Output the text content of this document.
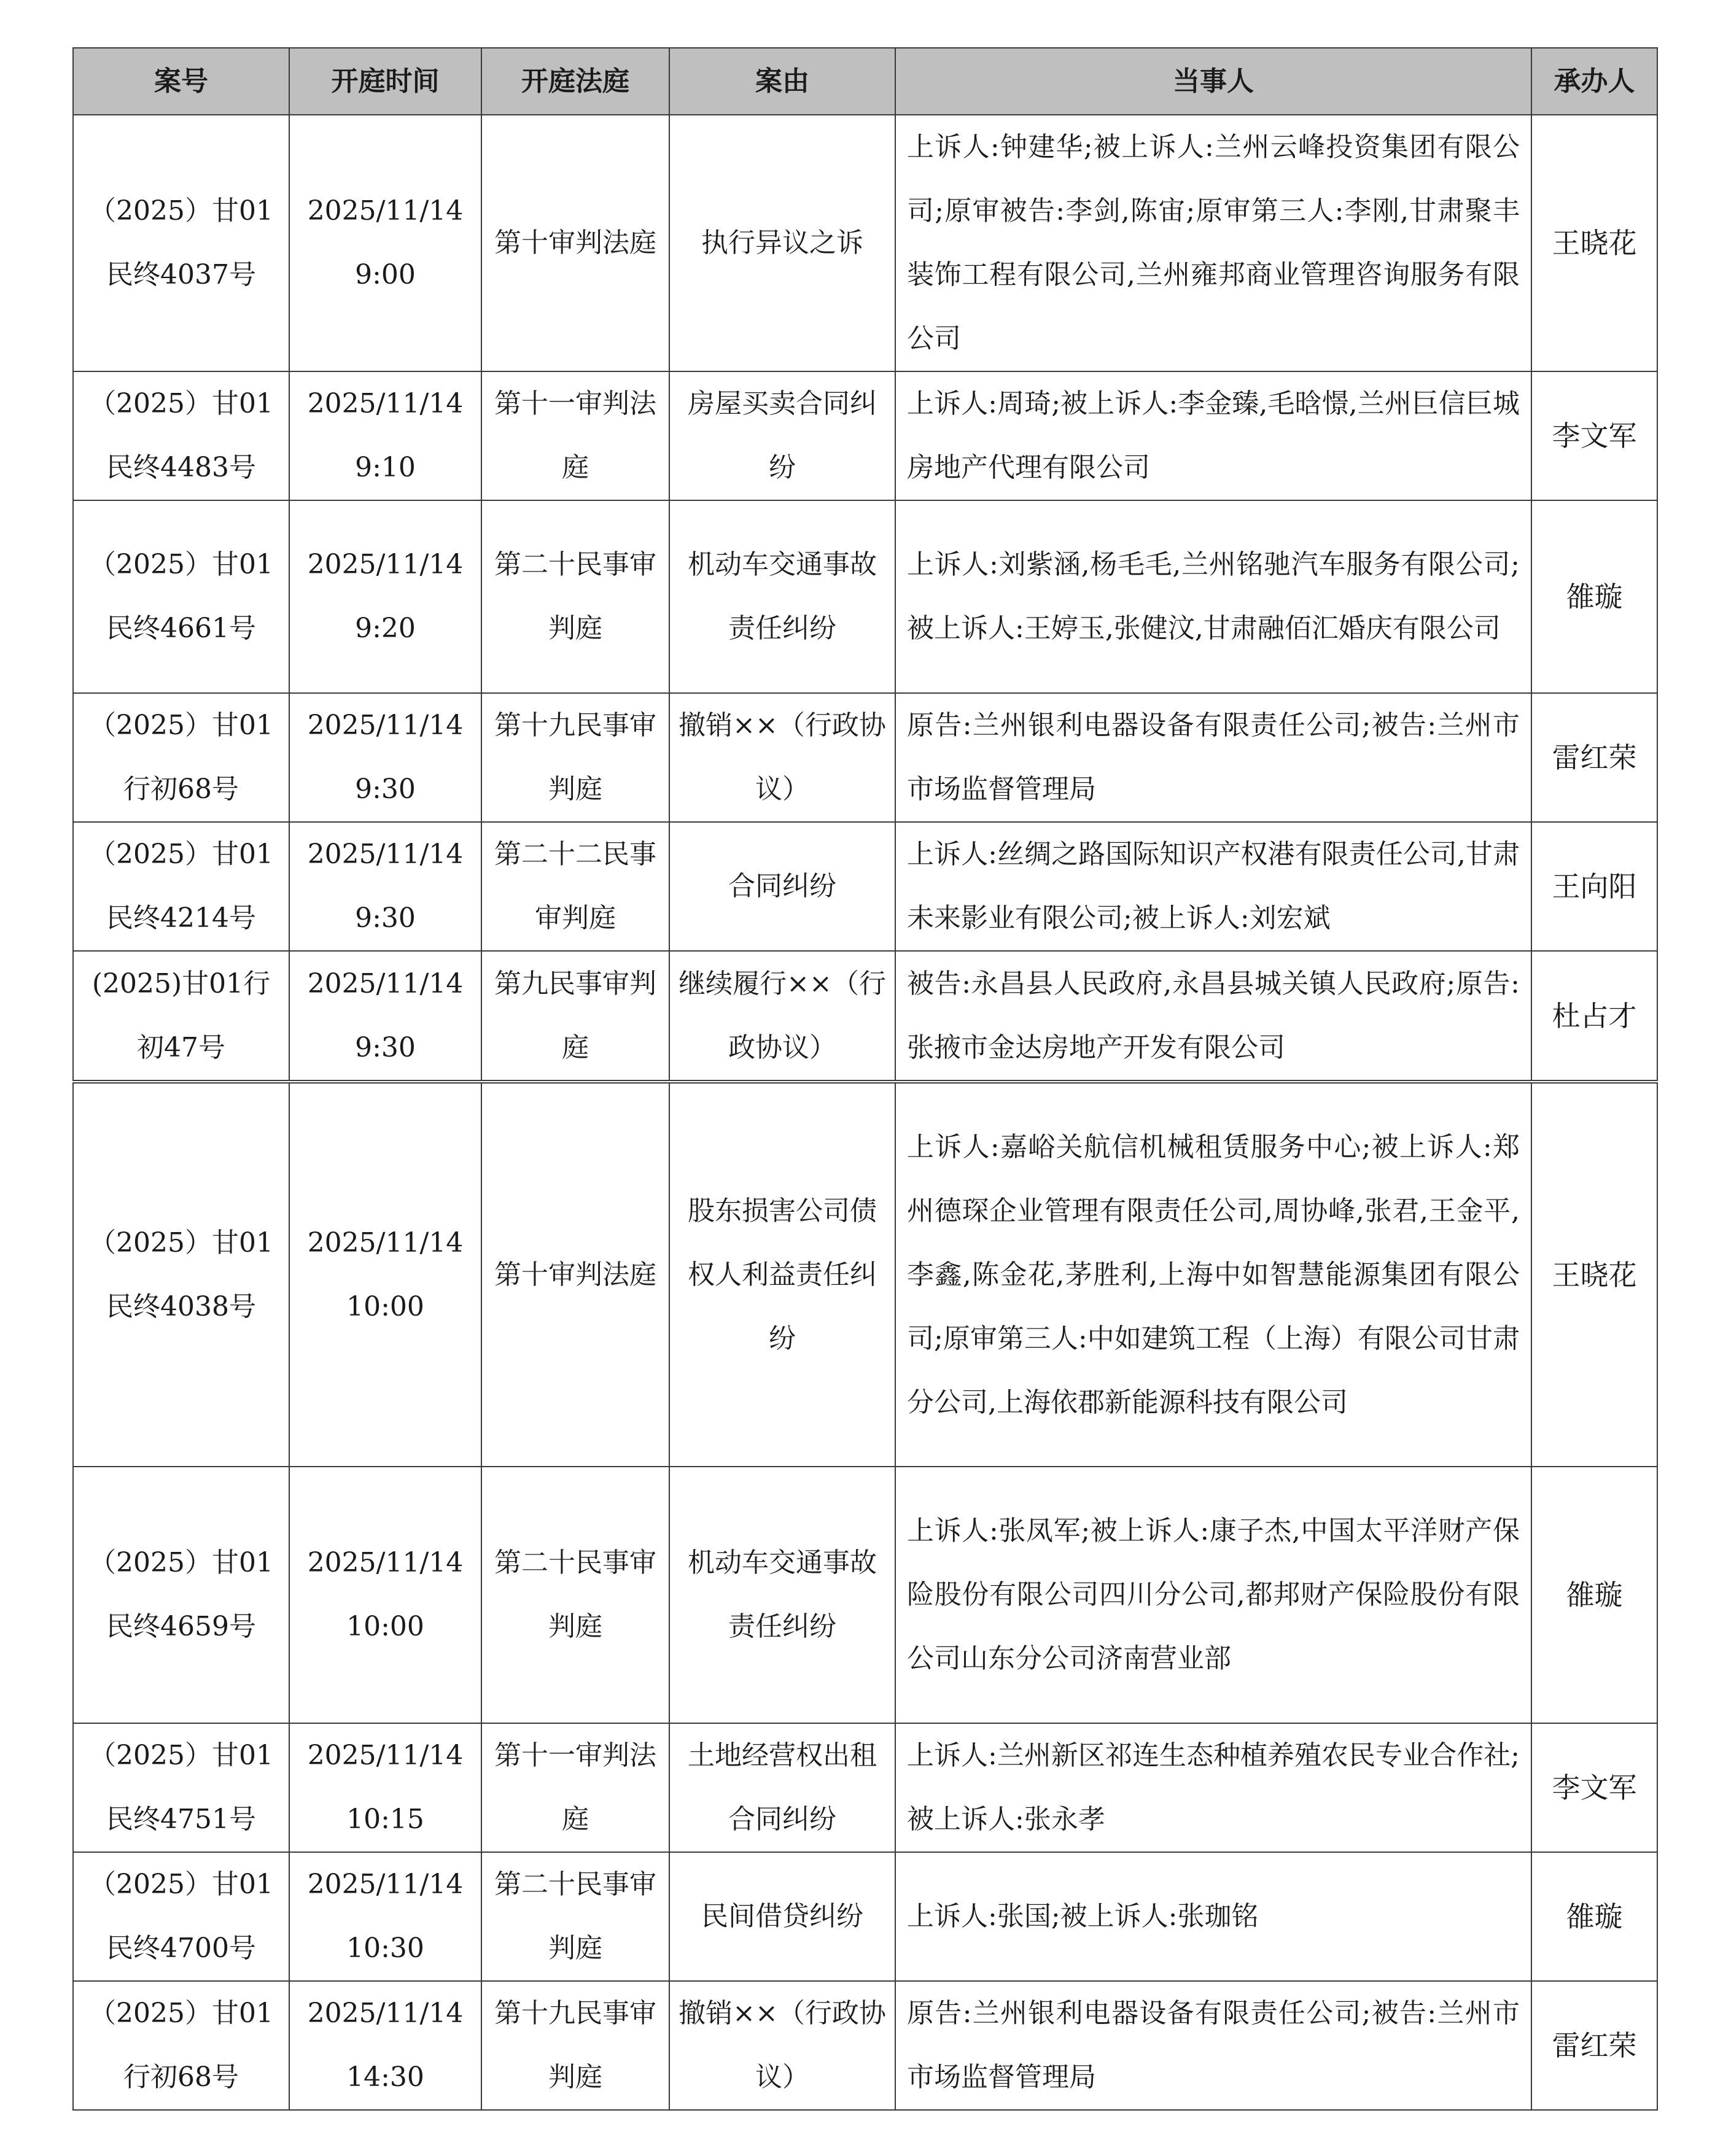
案号	开庭时间	开庭法庭	案由	当事人	承办人
（2025）甘01民终4037号	2025/11/14 9:00	第十审判法庭	执行异议之诉	上诉人:钟建华;被上诉人:兰州云峰投资集团有限公司;原审被告:李剑,陈宙;原审第三人:李刚,甘肃聚丰装饰工程有限公司,兰州雍邦商业管理咨询服务有限公司	王晓花
（2025）甘01民终4483号	2025/11/14 9:10	第十一审判法庭	房屋买卖合同纠纷	上诉人:周琦;被上诉人:李金臻,毛晗憬,兰州巨信巨城房地产代理有限公司	李文军
（2025）甘01民终4661号	2025/11/14 9:20	第二十民事审判庭	机动车交通事故责任纠纷	上诉人:刘紫涵,杨毛毛,兰州铭驰汽车服务有限公司;被上诉人:王婷玉,张健汶,甘肃融佰汇婚庆有限公司	雒璇
（2025）甘01行初68号	2025/11/14 9:30	第十九民事审判庭	撤销××（行政协议）	原告:兰州银利电器设备有限责任公司;被告:兰州市市场监督管理局	雷红荣
（2025）甘01民终4214号	2025/11/14 9:30	第二十二民事审判庭	合同纠纷	上诉人:丝绸之路国际知识产权港有限责任公司,甘肃未来影业有限公司;被上诉人:刘宏斌	王向阳
(2025)甘01行初47号	2025/11/14 9:30	第九民事审判庭	继续履行××（行政协议）	被告:永昌县人民政府,永昌县城关镇人民政府;原告:张掖市金达房地产开发有限公司	杜占才
（2025）甘01民终4038号	2025/11/14 10:00	第十审判法庭	股东损害公司债权人利益责任纠纷	上诉人:嘉峪关航信机械租赁服务中心;被上诉人:郑州德琛企业管理有限责任公司,周协峰,张君,王金平,李鑫,陈金花,茅胜利,上海中如智慧能源集团有限公司;原审第三人:中如建筑工程（上海）有限公司甘肃分公司,上海依郡新能源科技有限公司	王晓花
（2025）甘01民终4659号	2025/11/14 10:00	第二十民事审判庭	机动车交通事故责任纠纷	上诉人:张凤军;被上诉人:康子杰,中国太平洋财产保险股份有限公司四川分公司,都邦财产保险股份有限公司山东分公司济南营业部	雒璇
（2025）甘01民终4751号	2025/11/14 10:15	第十一审判法庭	土地经营权出租合同纠纷	上诉人:兰州新区祁连生态种植养殖农民专业合作社;被上诉人:张永孝	李文军
（2025）甘01民终4700号	2025/11/14 10:30	第二十民事审判庭	民间借贷纠纷	上诉人:张国;被上诉人:张珈铭	雒璇
（2025）甘01行初68号	2025/11/14 14:30	第十九民事审判庭	撤销××（行政协议）	原告:兰州银利电器设备有限责任公司;被告:兰州市市场监督管理局	雷红荣
